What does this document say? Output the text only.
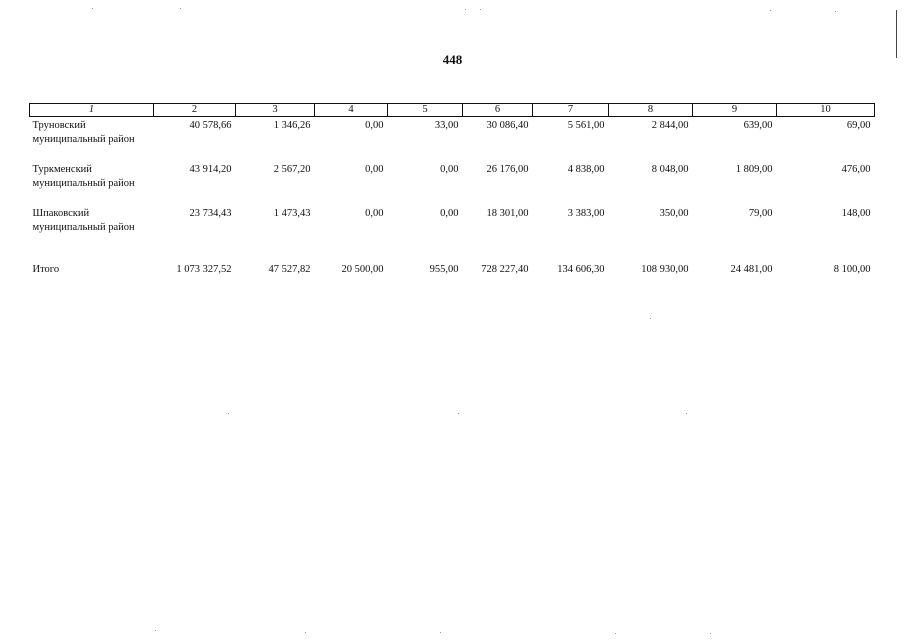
448
1	2	3	4	5	6	7	8	9	10
Труновский муниципальный район	40 578,66	1 346,26	0,00	33,00	30 086,40	5 561,00	2 844,00	639,00	69,00
Туркменский муниципальный район	43 914,20	2 567,20	0,00	0,00	26 176,00	4 838,00	8 048,00	1 809,00	476,00
Шпаковский муниципальный район	23 734,43	1 473,43	0,00	0,00	18 301,00	3 383,00	350,00	79,00	148,00

Итого	1 073 327,52	47 527,82	20 500,00	955,00	728 227,40	134 606,30	108 930,00	24 481,00	8 100,00
